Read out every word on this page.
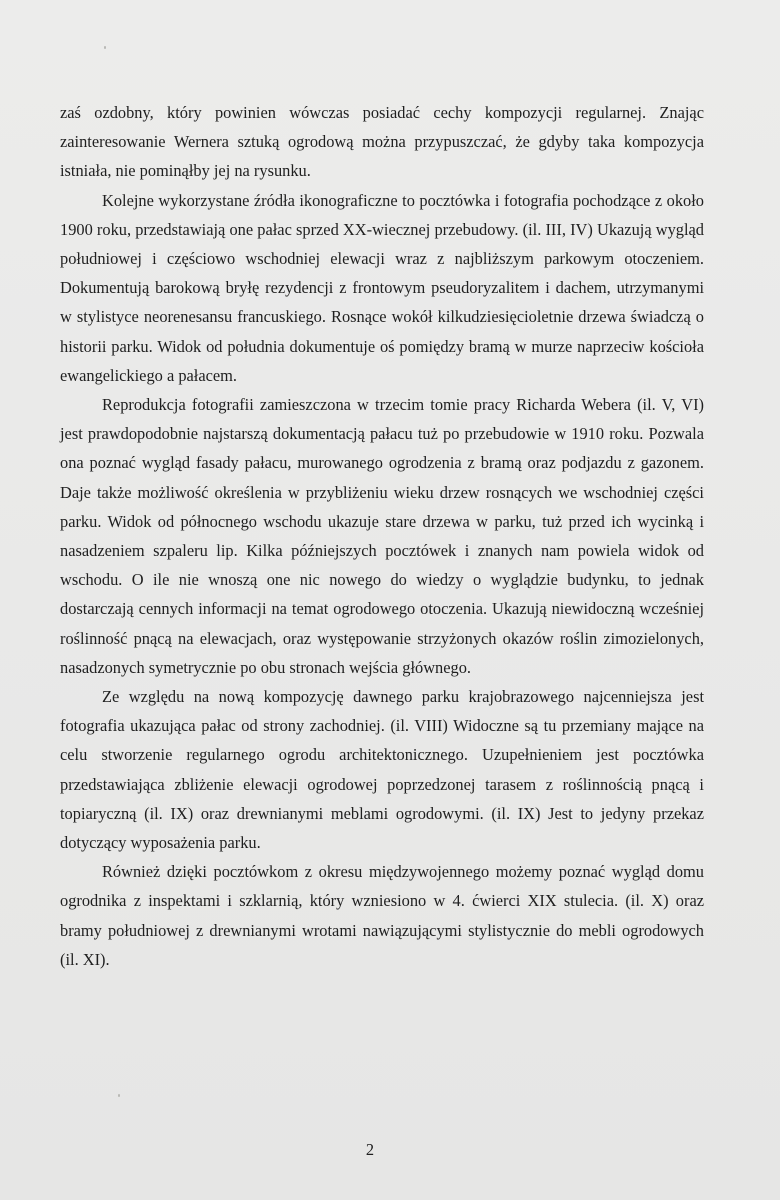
zaś ozdobny, który powinien wówczas posiadać cechy kompozycji regularnej. Znając zainteresowanie Wernera sztuką ogrodową można przypuszczać, że gdyby taka kompozycja istniała, nie pominąłby jej na rysunku.

Kolejne wykorzystane źródła ikonograficzne to pocztówka i fotografia pochodzące z około 1900 roku, przedstawiają one pałac sprzed XX-wiecznej przebudowy. (il. III, IV) Ukazują wygląd południowej i częściowo wschodniej elewacji wraz z najbliższym parkowym otoczeniem. Dokumentują barokową bryłę rezydencji z frontowym pseudoryzalitem i dachem, utrzymanymi w stylistyce neorenesansu francuskiego. Rosnące wokół kilkudziesięcioletnie drzewa świadczą o historii parku. Widok od południa dokumentuje oś pomiędzy bramą w murze naprzeciw kościoła ewangelickiego a pałacem.

Reprodukcja fotografii zamieszczona w trzecim tomie pracy Richarda Webera (il. V, VI) jest prawdopodobnie najstarszą dokumentacją pałacu tuż po przebudowie w 1910 roku. Pozwala ona poznać wygląd fasady pałacu, murowanego ogrodzenia z bramą oraz podjazdu z gazonem. Daje także możliwość określenia w przybliżeniu wieku drzew rosnących we wschodniej części parku. Widok od północnego wschodu ukazuje stare drzewa w parku, tuż przed ich wycinką i nasadzeniem szpaleru lip. Kilka późniejszych pocztówek i znanych nam powiela widok od wschodu. O ile nie wnoszą one nic nowego do wiedzy o wyglądzie budynku, to jednak dostarczają cennych informacji na temat ogrodowego otoczenia. Ukazują niewidoczną wcześniej roślinność pnącą na elewacjach, oraz występowanie strzyżonych okazów roślin zimozielonych, nasadzonych symetrycznie po obu stronach wejścia głównego.

Ze względu na nową kompozycję dawnego parku krajobrazowego najcenniejsza jest fotografia ukazująca pałac od strony zachodniej. (il. VIII) Widoczne są tu przemiany mające na celu stworzenie regularnego ogrodu architektonicznego. Uzupełnieniem jest pocztówka przedstawiająca zbliżenie elewacji ogrodowej poprzedzonej tarasem z roślinnością pnącą i topiaryczną (il. IX) oraz drewnianymi meblami ogrodowymi. (il. IX) Jest to jedyny przekaz dotyczący wyposażenia parku.

Również dzięki pocztówkom z okresu międzywojennego możemy poznać wygląd domu ogrodnika z inspektami i szklarnią, który wzniesiono w 4. ćwierci XIX stulecia. (il. X) oraz bramy południowej z drewnianymi wrotami nawiązującymi stylistycznie do mebli ogrodowych (il. XI).

2
